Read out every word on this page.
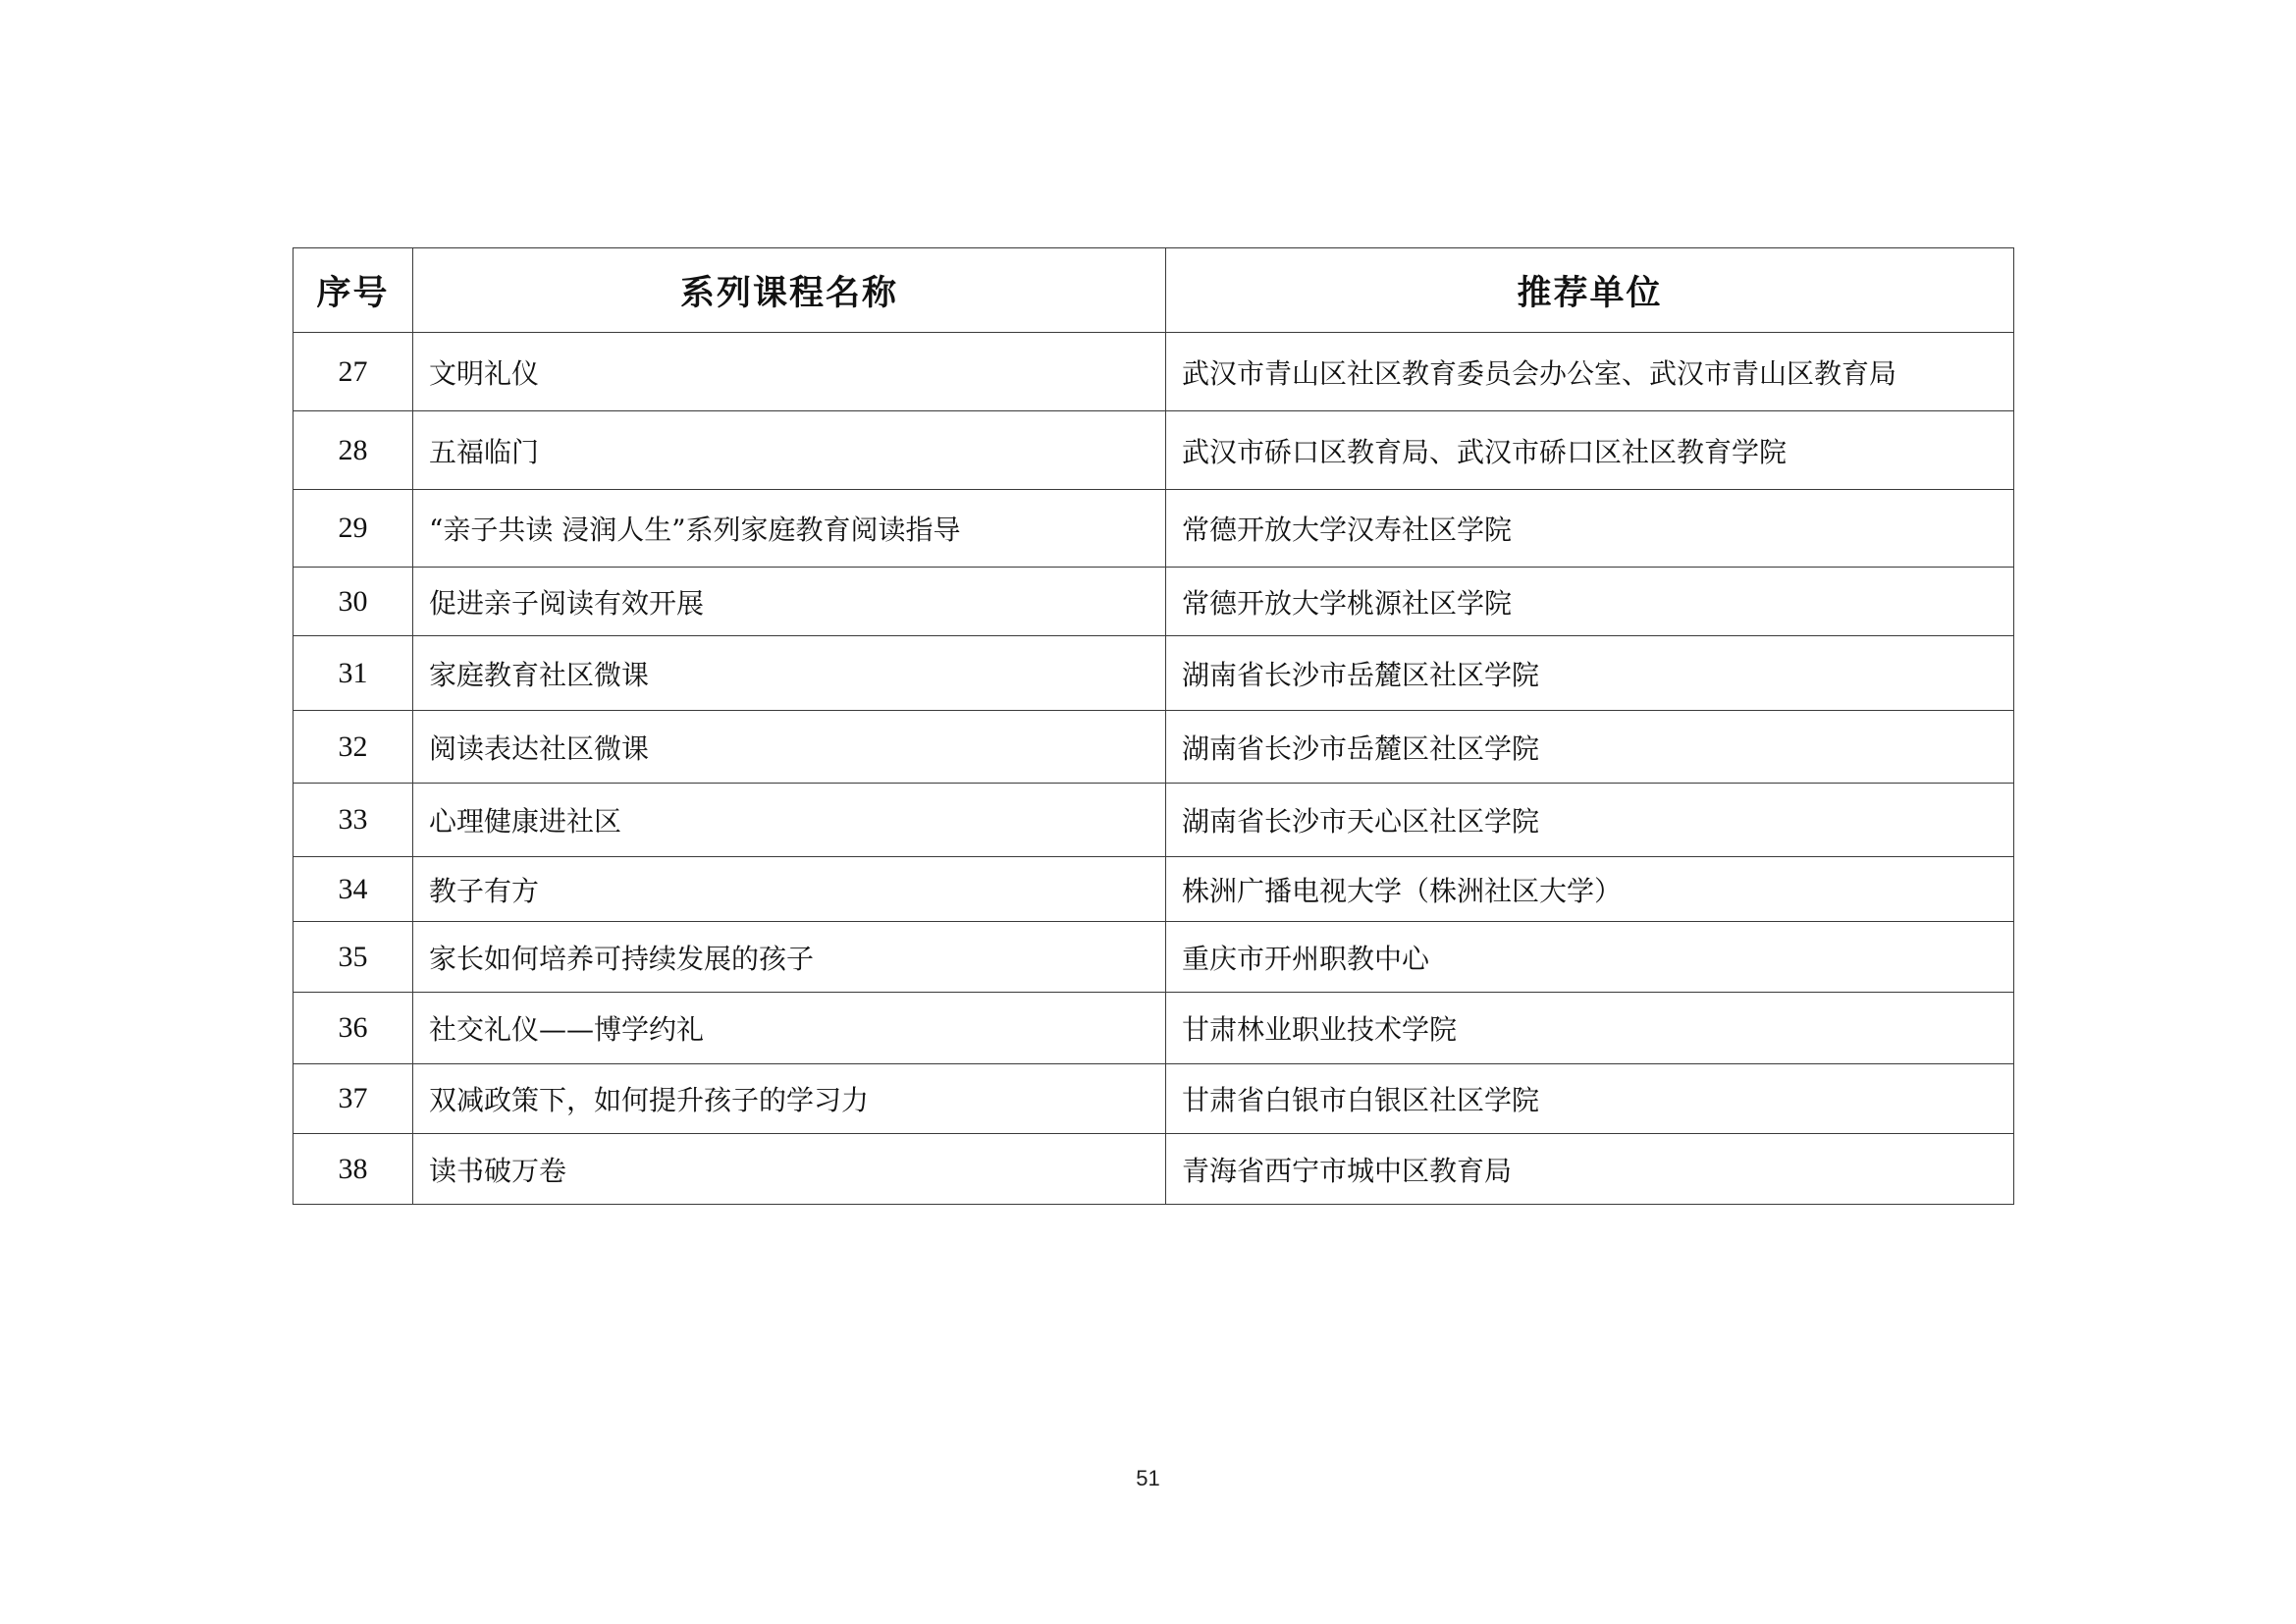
序号	系列课程名称	推荐单位
27	文明礼仪	武汉市青山区社区教育委员会办公室、武汉市青山区教育局
28	五福临门	武汉市硚口区教育局、武汉市硚口区社区教育学院
29	“亲子共读 浸润人生”系列家庭教育阅读指导	常德开放大学汉寿社区学院
30	促进亲子阅读有效开展	常德开放大学桃源社区学院
31	家庭教育社区微课	湖南省长沙市岳麓区社区学院
32	阅读表达社区微课	湖南省长沙市岳麓区社区学院
33	心理健康进社区	湖南省长沙市天心区社区学院
34	教子有方	株洲广播电视大学（株洲社区大学）
35	家长如何培养可持续发展的孩子	重庆市开州职教中心
36	社交礼仪——博学约礼	甘肃林业职业技术学院
37	双减政策下，如何提升孩子的学习力	甘肃省白银市白银区社区学院
38	读书破万卷	青海省西宁市城中区教育局
51
